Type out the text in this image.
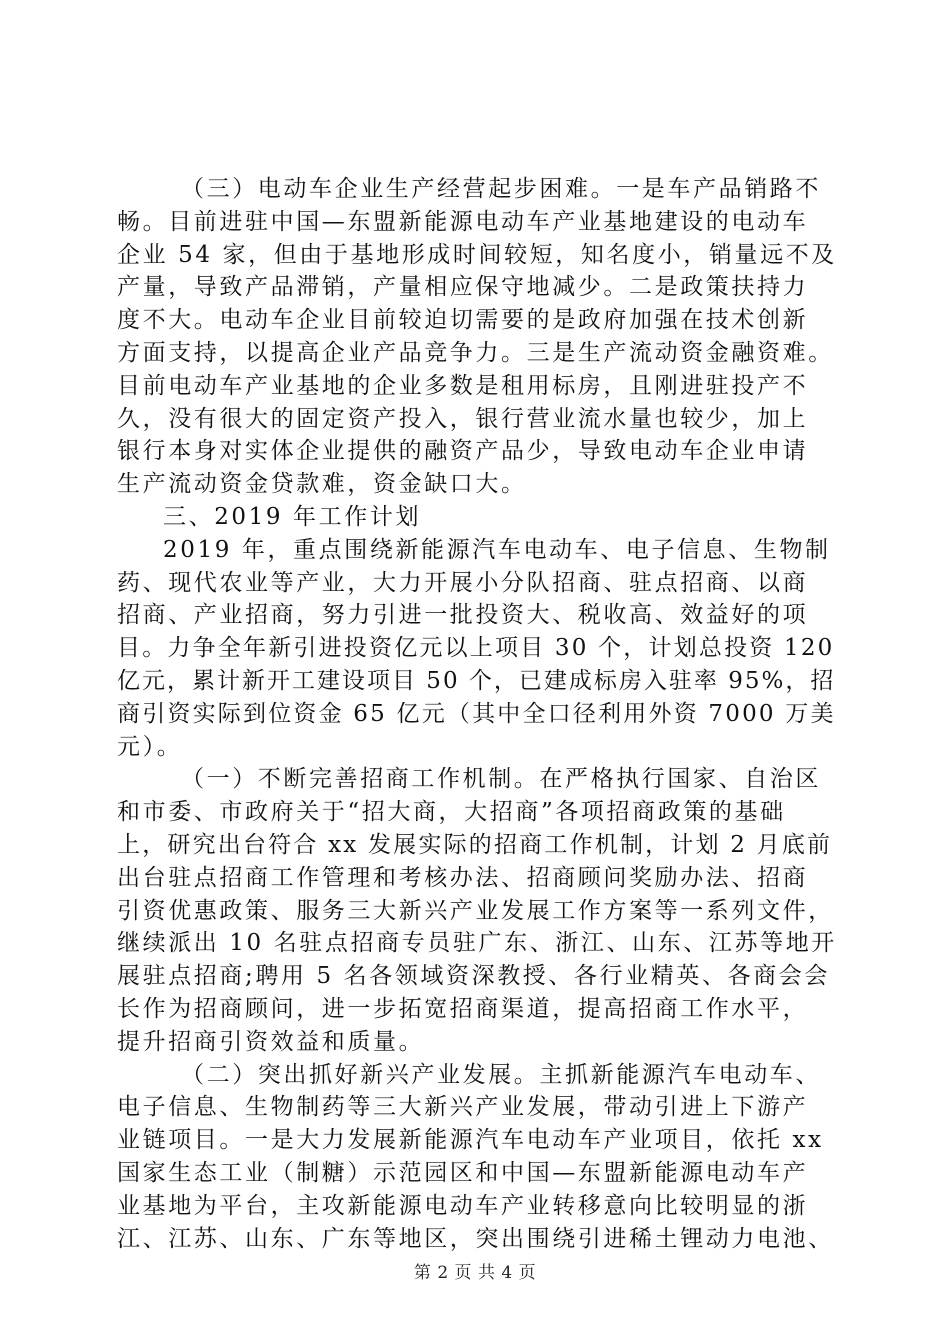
（三）电动车企业生产经营起步困难。一是车产品销路不
畅。目前进驻中国—东盟新能源电动车产业基地建设的电动车
企业 54 家，但由于基地形成时间较短，知名度小，销量远不及
产量，导致产品滞销，产量相应保守地减少。二是政策扶持力
度不大。电动车企业目前较迫切需要的是政府加强在技术创新
方面支持，以提高企业产品竞争力。三是生产流动资金融资难。
目前电动车产业基地的企业多数是租用标房，且刚进驻投产不
久，没有很大的固定资产投入，银行营业流水量也较少，加上
银行本身对实体企业提供的融资产品少，导致电动车企业申请
生产流动资金贷款难，资金缺口大。
三、2019 年工作计划
2019 年，重点围绕新能源汽车电动车、电子信息、生物制
药、现代农业等产业，大力开展小分队招商、驻点招商、以商
招商、产业招商，努力引进一批投资大、税收高、效益好的项
目。力争全年新引进投资亿元以上项目 30 个，计划总投资 120
亿元，累计新开工建设项目 50 个，已建成标房入驻率 95%，招
商引资实际到位资金 65 亿元（其中全口径利用外资 7000 万美
元）。
（一）不断完善招商工作机制。在严格执行国家、自治区
和市委、市政府关于“招大商，大招商”各项招商政策的基础
上，研究出台符合 xx 发展实际的招商工作机制，计划 2 月底前
出台驻点招商工作管理和考核办法、招商顾问奖励办法、招商
引资优惠政策、服务三大新兴产业发展工作方案等一系列文件，
继续派出 10 名驻点招商专员驻广东、浙江、山东、江苏等地开
展驻点招商;聘用 5 名各领域资深教授、各行业精英、各商会会
长作为招商顾问，进一步拓宽招商渠道，提高招商工作水平，
提升招商引资效益和质量。
（二）突出抓好新兴产业发展。主抓新能源汽车电动车、
电子信息、生物制药等三大新兴产业发展，带动引进上下游产
业链项目。一是大力发展新能源汽车电动车产业项目，依托 xx
国家生态工业（制糖）示范园区和中国—东盟新能源电动车产
业基地为平台，主攻新能源电动车产业转移意向比较明显的浙
江、江苏、山东、广东等地区，突出围绕引进稀土锂动力电池、
第 2 页 共 4 页
